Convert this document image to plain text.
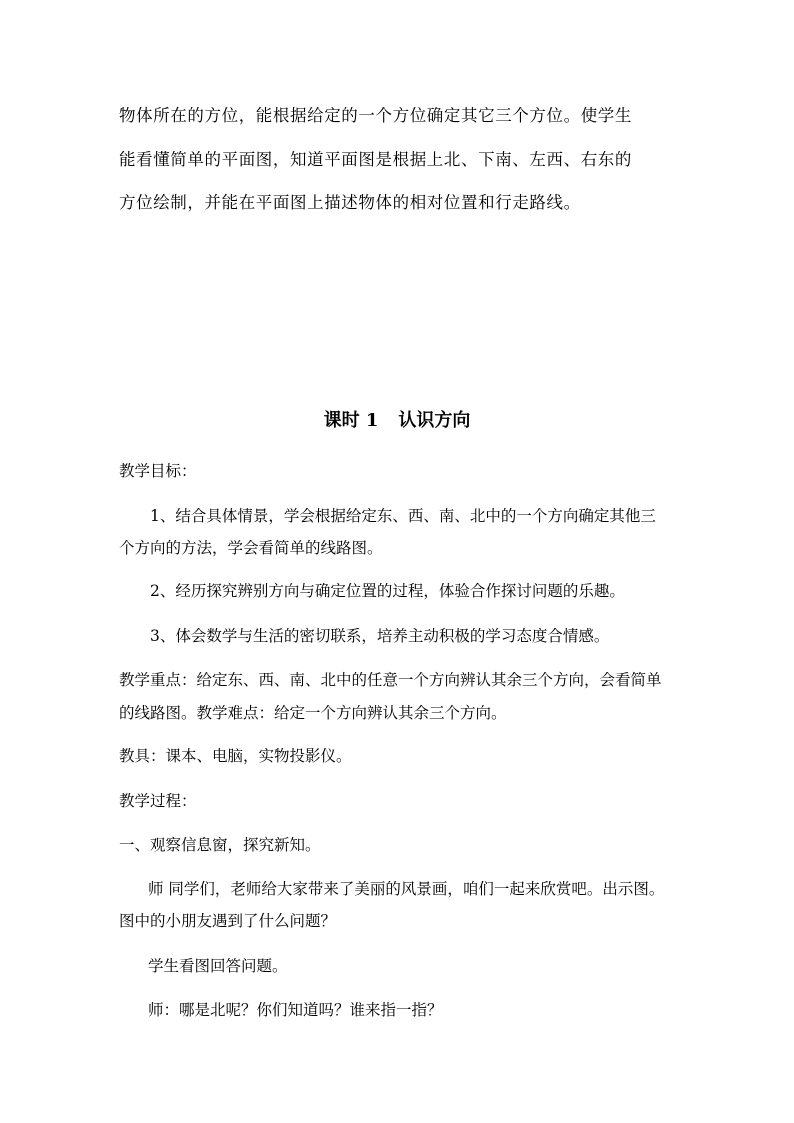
物体所在的方位，能根据给定的一个方位确定其它三个方位。使学生
能看懂简单的平面图，知道平面图是根据上北、下南、左西、右东的
方位绘制，并能在平面图上描述物体的相对位置和行走路线。
课时 1 认识方向
教学目标：
1、结合具体情景，学会根据给定东、西、南、北中的一个方向确定其他三
个方向的方法，学会看简单的线路图。
2、经历探究辨别方向与确定位置的过程，体验合作探讨问题的乐趣。
3、体会数学与生活的密切联系，培养主动积极的学习态度合情感。
教学重点：给定东、西、南、北中的任意一个方向辨认其余三个方向，会看简单
的线路图。教学难点：给定一个方向辨认其余三个方向。
教具：课本、电脑，实物投影仪。
教学过程：
一、观察信息窗，探究新知。
师 同学们，老师给大家带来了美丽的风景画，咱们一起来欣赏吧。出示图。
图中的小朋友遇到了什么问题？
学生看图回答问题。
师：哪是北呢？你们知道吗？谁来指一指？
